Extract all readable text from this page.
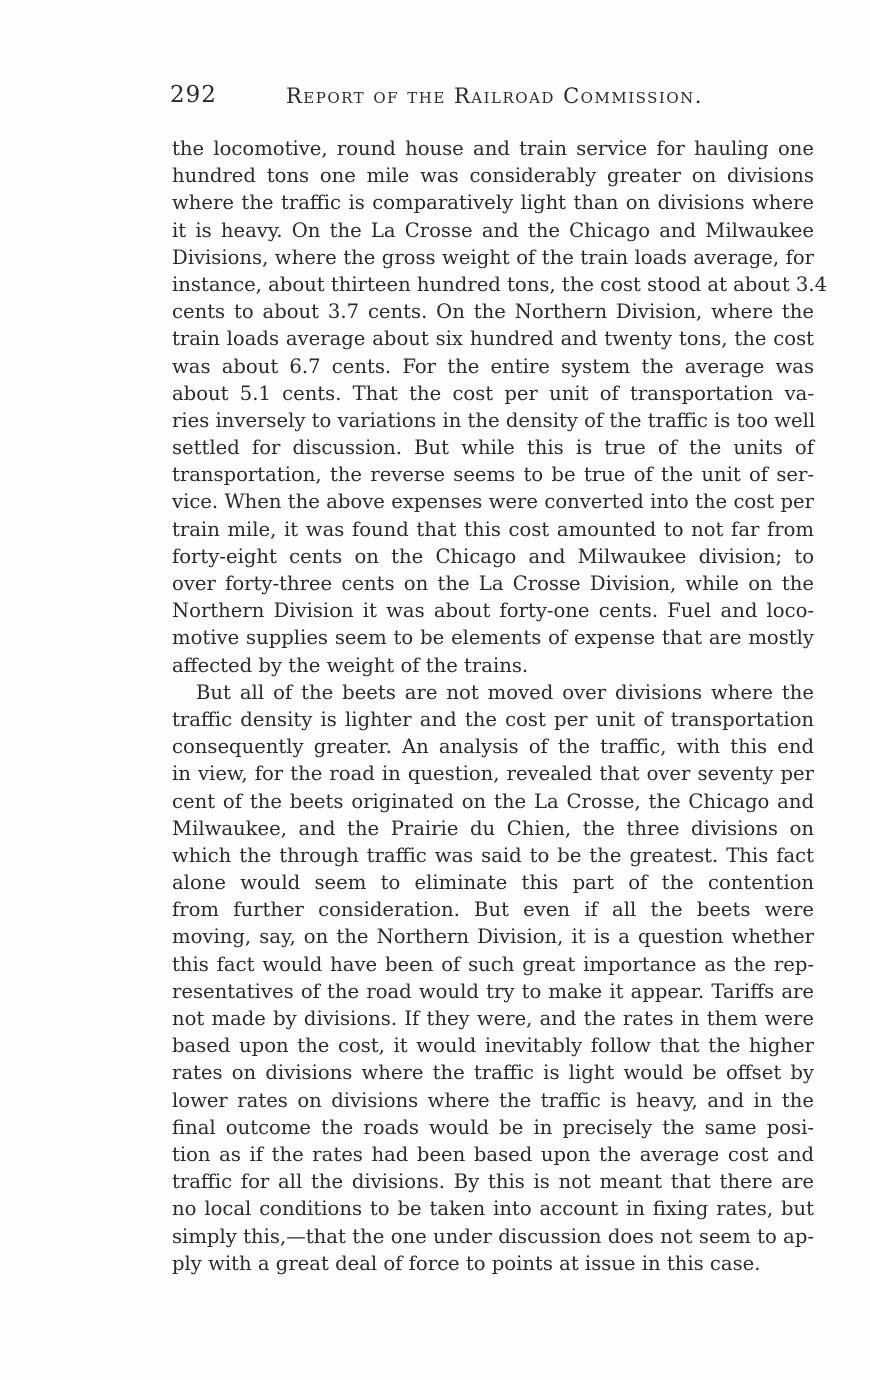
292	Report of the Railroad Commission.
the locomotive, round house and train service for hauling one
hundred tons one mile was considerably greater on divisions
where the traffic is comparatively light than on divisions where
it is heavy. On the La Crosse and the Chicago and Milwaukee
Divisions, where the gross weight of the train loads average, for
instance, about thirteen hundred tons, the cost stood at about 3.4
cents to about 3.7 cents. On the Northern Division, where the
train loads average about six hundred and twenty tons, the cost
was about 6.7 cents. For the entire system the average was
about 5.1 cents. That the cost per unit of transportation va-
ries inversely to variations in the density of the traffic is too well
settled for discussion. But while this is true of the units of
transportation, the reverse seems to be true of the unit of ser-
vice. When the above expenses were converted into the cost per
train mile, it was found that this cost amounted to not far from
forty-eight cents on the Chicago and Milwaukee division; to
over forty-three cents on the La Crosse Division, while on the
Northern Division it was about forty-one cents. Fuel and loco-
motive supplies seem to be elements of expense that are mostly
affected by the weight of the trains.
But all of the beets are not moved over divisions where the
traffic density is lighter and the cost per unit of transportation
consequently greater. An analysis of the traffic, with this end
in view, for the road in question, revealed that over seventy per
cent of the beets originated on the La Crosse, the Chicago and
Milwaukee, and the Prairie du Chien, the three divisions on
which the through traffic was said to be the greatest. This fact
alone would seem to eliminate this part of the contention
from further consideration. But even if all the beets were
moving, say, on the Northern Division, it is a question whether
this fact would have been of such great importance as the rep-
resentatives of the road would try to make it appear. Tariffs are
not made by divisions. If they were, and the rates in them were
based upon the cost, it would inevitably follow that the higher
rates on divisions where the traffic is light would be offset by
lower rates on divisions where the traffic is heavy, and in the
final outcome the roads would be in precisely the same posi-
tion as if the rates had been based upon the average cost and
traffic for all the divisions. By this is not meant that there are
no local conditions to be taken into account in fixing rates, but
simply this,—that the one under discussion does not seem to ap-
ply with a great deal of force to points at issue in this case.
